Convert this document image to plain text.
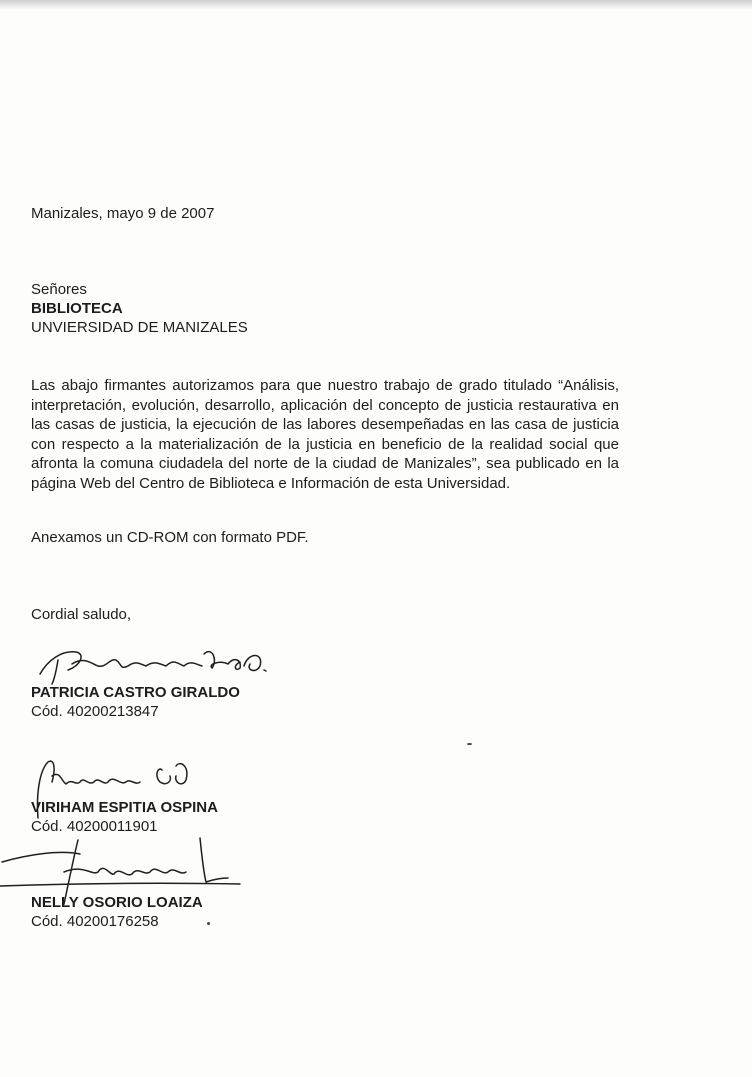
Manizales, mayo 9 de 2007
Señores
BIBLIOTECA
UNVIERSIDAD DE MANIZALES

Las abajo firmantes autorizamos para que nuestro trabajo de grado titulado “Análisis, interpretación, evolución, desarrollo, aplicación del concepto de justicia restaurativa en las casas de justicia, la ejecución de las labores desempeñadas en las casa de justicia con respecto a la materialización de la justicia en beneficio de la realidad social que afronta la comuna ciudadela del norte de la ciudad de Manizales”, sea publicado en la página Web del Centro de Biblioteca e Información de esta Universidad.

Anexamos un CD-ROM con formato PDF.
Cordial saludo,
PATRICIA CASTRO GIRALDO
Cód. 40200213847
VIRIHAM ESPITIA OSPINA
Cód. 40200011901
NELLY OSORIO LOAIZA
Cód. 40200176258
